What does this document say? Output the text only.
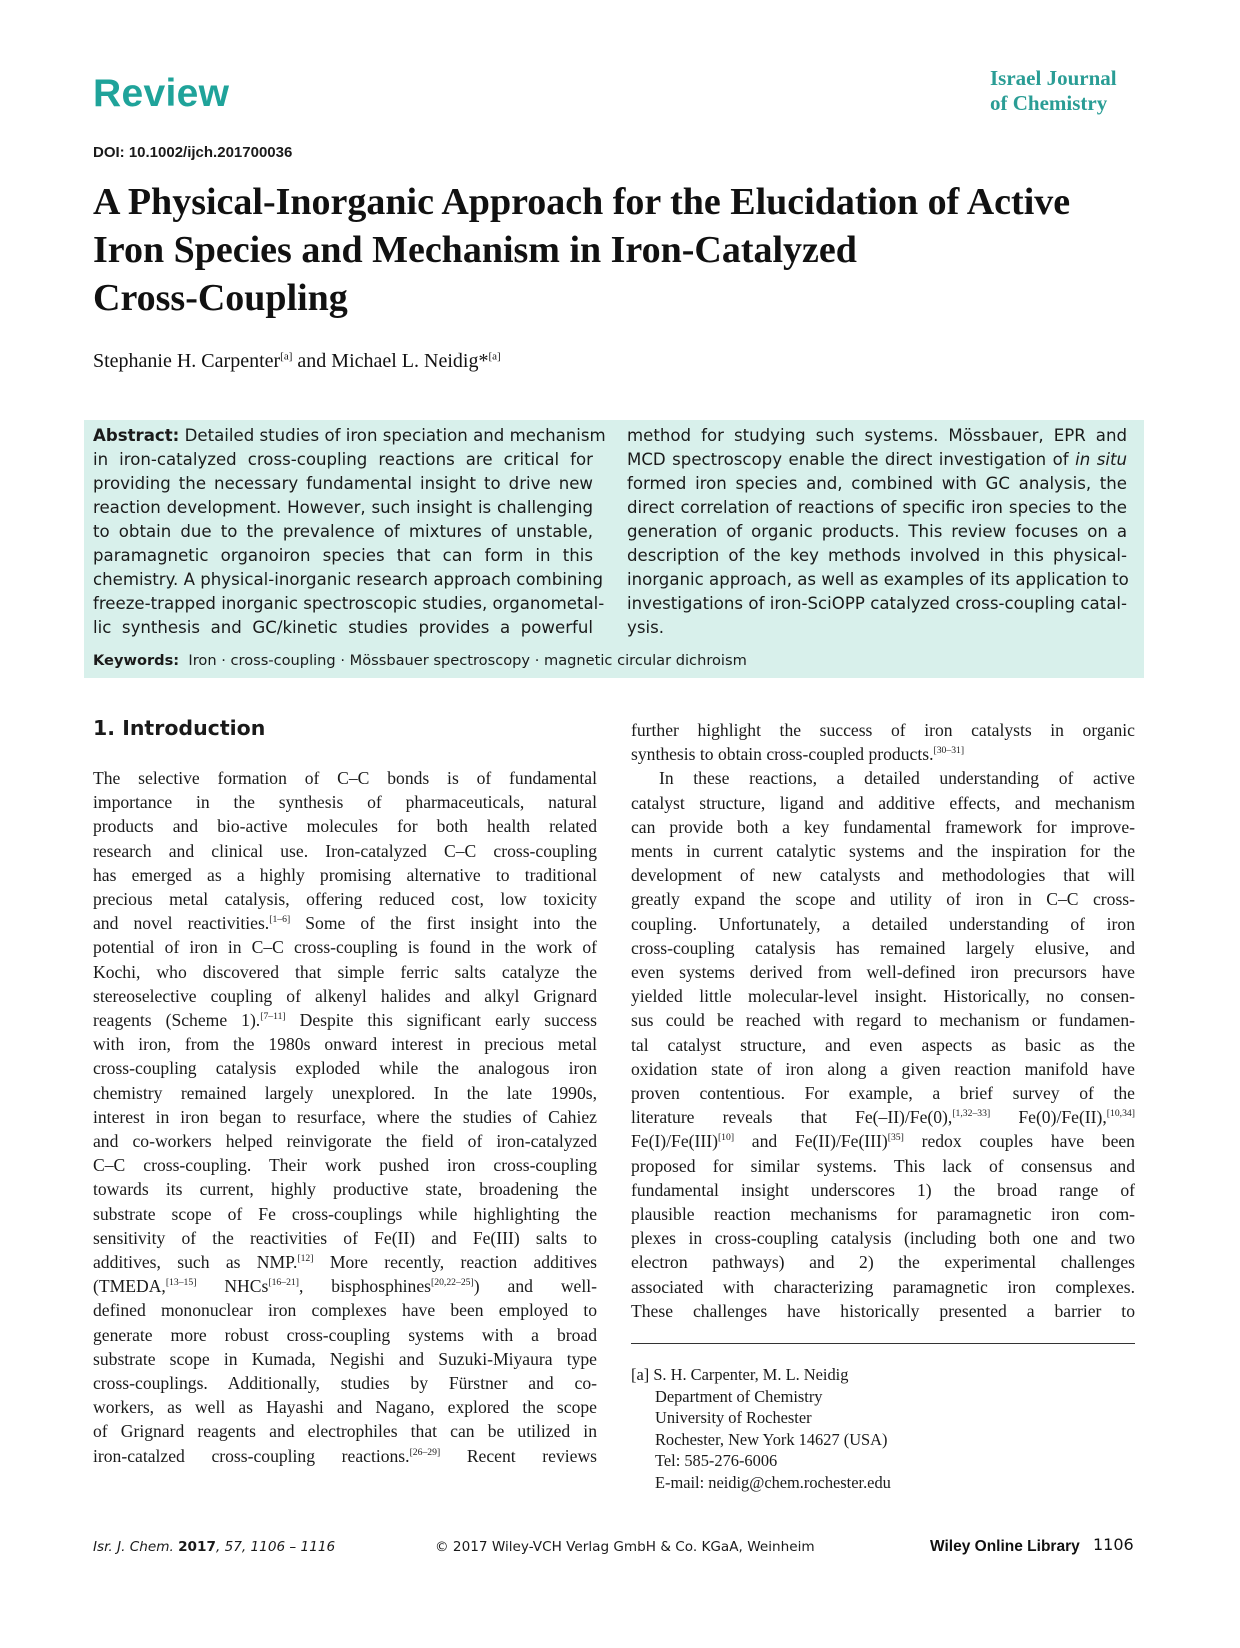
Review	Israel Journal
of Chemistry
DOI: 10.1002/ijch.201700036
A Physical-Inorganic Approach for the Elucidation of Active
Iron Species and Mechanism in Iron-Catalyzed
Cross-Coupling
Stephanie H. Carpenter[a] and Michael L. Neidig*[a]
Abstract: Detailed studies of iron speciation and mechanism
in iron-catalyzed cross-coupling reactions are critical for
providing the necessary fundamental insight to drive new
reaction development. However, such insight is challenging
to obtain due to the prevalence of mixtures of unstable,
paramagnetic organoiron species that can form in this
chemistry. A physical-inorganic research approach combining
freeze-trapped inorganic spectroscopic studies, organometal-
lic synthesis and GC/kinetic studies provides a powerful
method for studying such systems. Mössbauer, EPR and
MCD spectroscopy enable the direct investigation of in situ
formed iron species and, combined with GC analysis, the
direct correlation of reactions of specific iron species to the
generation of organic products. This review focuses on a
description of the key methods involved in this physical-
inorganic approach, as well as examples of its application to
investigations of iron-SciOPP catalyzed cross-coupling catal-
ysis.
Keywords: Iron · cross-coupling · Mössbauer spectroscopy · magnetic circular dichroism
1. Introduction
The selective formation of C–C bonds is of fundamental
importance in the synthesis of pharmaceuticals, natural
products and bio-active molecules for both health related
research and clinical use. Iron-catalyzed C–C cross-coupling
has emerged as a highly promising alternative to traditional
precious metal catalysis, offering reduced cost, low toxicity
and novel reactivities.[1–6] Some of the first insight into the
potential of iron in C–C cross-coupling is found in the work of
Kochi, who discovered that simple ferric salts catalyze the
stereoselective coupling of alkenyl halides and alkyl Grignard
reagents (Scheme 1).[7–11] Despite this significant early success
with iron, from the 1980s onward interest in precious metal
cross-coupling catalysis exploded while the analogous iron
chemistry remained largely unexplored. In the late 1990s,
interest in iron began to resurface, where the studies of Cahiez
and co-workers helped reinvigorate the field of iron-catalyzed
C–C cross-coupling. Their work pushed iron cross-coupling
towards its current, highly productive state, broadening the
substrate scope of Fe cross-couplings while highlighting the
sensitivity of the reactivities of Fe(II) and Fe(III) salts to
additives, such as NMP.[12] More recently, reaction additives
(TMEDA,[13–15] NHCs[16–21], bisphosphines[20,22–25]) and well-
defined mononuclear iron complexes have been employed to
generate more robust cross-coupling systems with a broad
substrate scope in Kumada, Negishi and Suzuki-Miyaura type
cross-couplings. Additionally, studies by Fürstner and co-
workers, as well as Hayashi and Nagano, explored the scope
of Grignard reagents and electrophiles that can be utilized in
iron-catalzed cross-coupling reactions.[26–29] Recent reviews
further highlight the success of iron catalysts in organic
synthesis to obtain cross-coupled products.[30–31]
In these reactions, a detailed understanding of active
catalyst structure, ligand and additive effects, and mechanism
can provide both a key fundamental framework for improve-
ments in current catalytic systems and the inspiration for the
development of new catalysts and methodologies that will
greatly expand the scope and utility of iron in C–C cross-
coupling. Unfortunately, a detailed understanding of iron
cross-coupling catalysis has remained largely elusive, and
even systems derived from well-defined iron precursors have
yielded little molecular-level insight. Historically, no consen-
sus could be reached with regard to mechanism or fundamen-
tal catalyst structure, and even aspects as basic as the
oxidation state of iron along a given reaction manifold have
proven contentious. For example, a brief survey of the
literature reveals that Fe(–II)/Fe(0),[1,32–33] Fe(0)/Fe(II),[10,34]
Fe(I)/Fe(III)[10] and Fe(II)/Fe(III)[35] redox couples have been
proposed for similar systems. This lack of consensus and
fundamental insight underscores 1) the broad range of
plausible reaction mechanisms for paramagnetic iron com-
plexes in cross-coupling catalysis (including both one and two
electron pathways) and 2) the experimental challenges
associated with characterizing paramagnetic iron complexes.
These challenges have historically presented a barrier to
[a] S. H. Carpenter, M. L. Neidig
Department of Chemistry
University of Rochester
Rochester, New York 14627 (USA)
Tel: 585-276-6006
E-mail: neidig@chem.rochester.edu
Isr. J. Chem. 2017, 57, 1106 – 1116	© 2017 Wiley-VCH Verlag GmbH & Co. KGaA, Weinheim	Wiley Online Library 1106
